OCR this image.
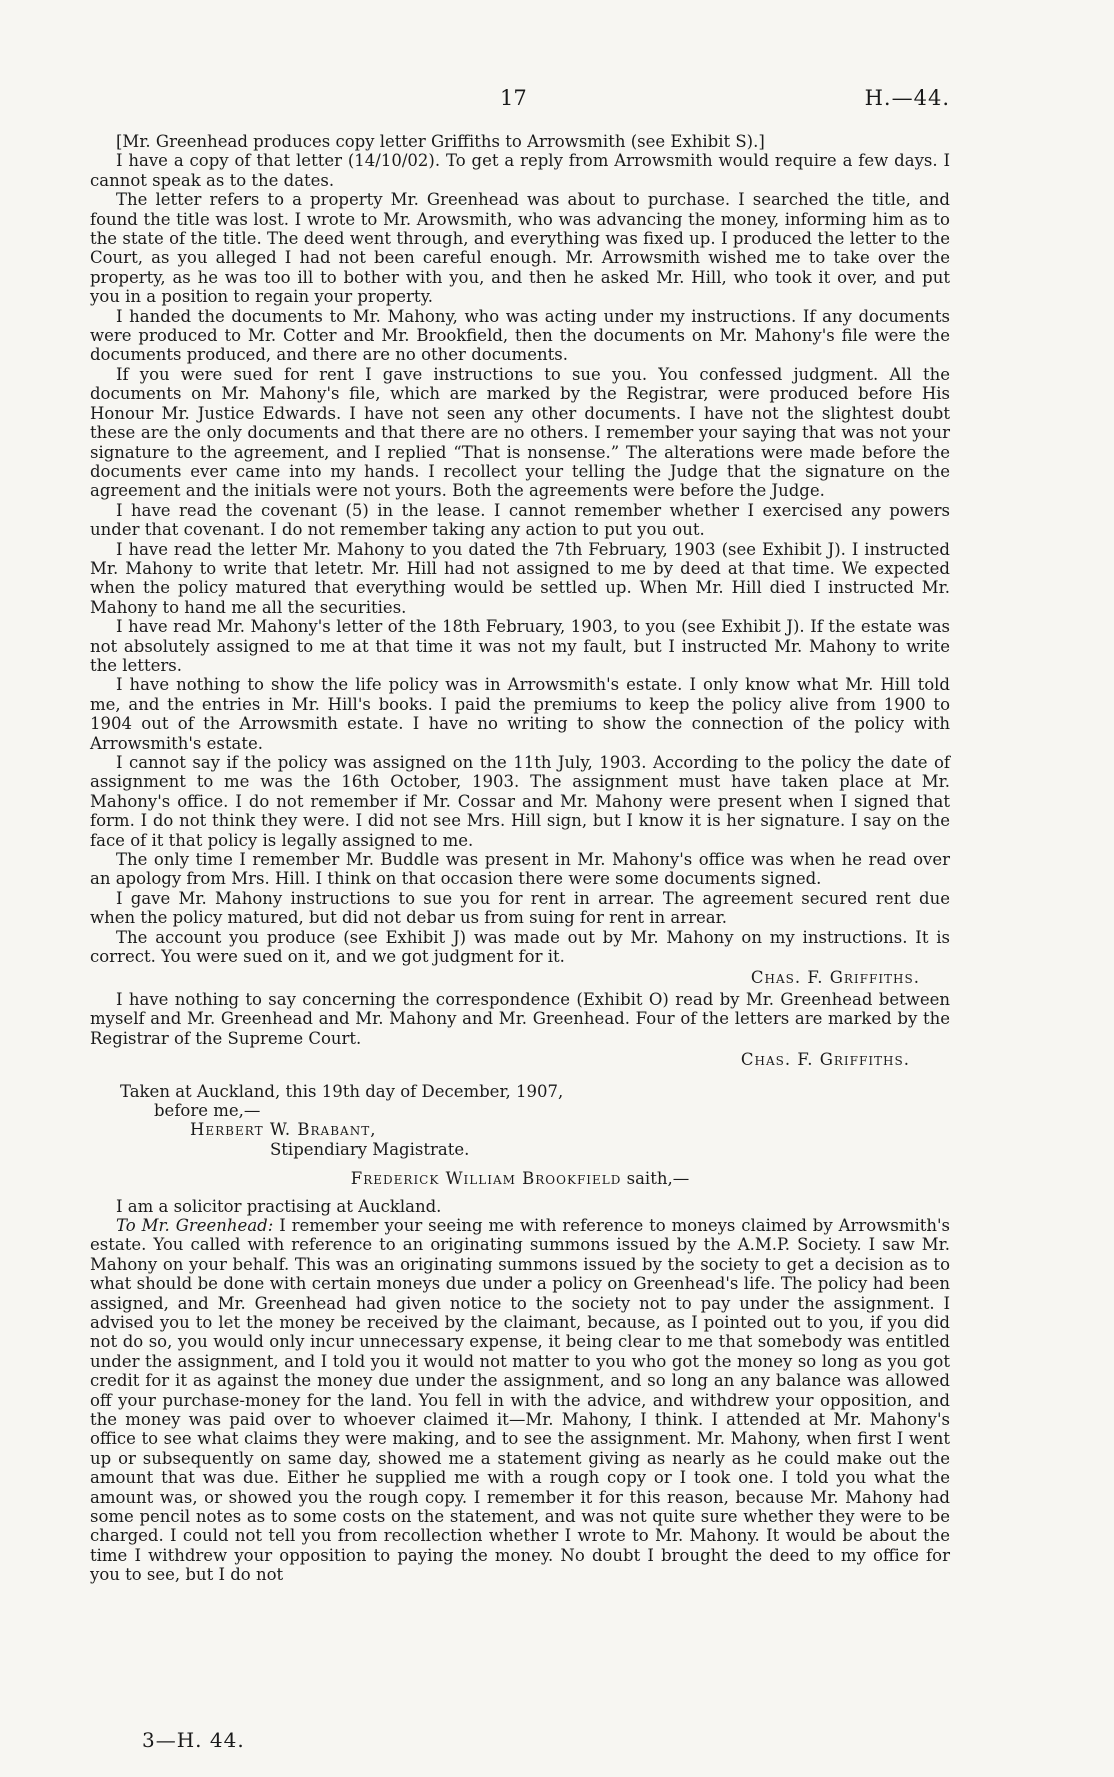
17	H.—44.

[Mr. Greenhead produces copy letter Griffiths to Arrowsmith (see Exhibit S).]

I have a copy of that letter (14/10/02). To get a reply from Arrowsmith would require a few days. I cannot speak as to the dates.

The letter refers to a property Mr. Greenhead was about to purchase. I searched the title, and found the title was lost. I wrote to Mr. Arowsmith, who was advancing the money, informing him as to the state of the title. The deed went through, and everything was fixed up. I produced the letter to the Court, as you alleged I had not been careful enough. Mr. Arrowsmith wished me to take over the property, as he was too ill to bother with you, and then he asked Mr. Hill, who took it over, and put you in a position to regain your property.

I handed the documents to Mr. Mahony, who was acting under my instructions. If any documents were produced to Mr. Cotter and Mr. Brookfield, then the documents on Mr. Mahony's file were the documents produced, and there are no other documents.

If you were sued for rent I gave instructions to sue you. You confessed judgment. All the documents on Mr. Mahony's file, which are marked by the Registrar, were produced before His Honour Mr. Justice Edwards. I have not seen any other documents. I have not the slightest doubt these are the only documents and that there are no others. I remember your saying that was not your signature to the agreement, and I replied “That is nonsense.” The alterations were made before the documents ever came into my hands. I recollect your telling the Judge that the signature on the agreement and the initials were not yours. Both the agreements were before the Judge.

I have read the covenant (5) in the lease. I cannot remember whether I exercised any powers under that covenant. I do not remember taking any action to put you out.

I have read the letter Mr. Mahony to you dated the 7th February, 1903 (see Exhibit J). I instructed Mr. Mahony to write that letetr. Mr. Hill had not assigned to me by deed at that time. We expected when the policy matured that everything would be settled up. When Mr. Hill died I instructed Mr. Mahony to hand me all the securities.

I have read Mr. Mahony's letter of the 18th February, 1903, to you (see Exhibit J). If the estate was not absolutely assigned to me at that time it was not my fault, but I instructed Mr. Mahony to write the letters.

I have nothing to show the life policy was in Arrowsmith's estate. I only know what Mr. Hill told me, and the entries in Mr. Hill's books. I paid the premiums to keep the policy alive from 1900 to 1904 out of the Arrowsmith estate. I have no writing to show the connection of the policy with Arrowsmith's estate.

I cannot say if the policy was assigned on the 11th July, 1903. According to the policy the date of assignment to me was the 16th October, 1903. The assignment must have taken place at Mr. Mahony's office. I do not remember if Mr. Cossar and Mr. Mahony were present when I signed that form. I do not think they were. I did not see Mrs. Hill sign, but I know it is her signature. I say on the face of it that policy is legally assigned to me.

The only time I remember Mr. Buddle was present in Mr. Mahony's office was when he read over an apology from Mrs. Hill. I think on that occasion there were some documents signed.

I gave Mr. Mahony instructions to sue you for rent in arrear. The agreement secured rent due when the policy matured, but did not debar us from suing for rent in arrear.

The account you produce (see Exhibit J) was made out by Mr. Mahony on my instructions. It is correct. You were sued on it, and we got judgment for it.

Chas. F. Griffiths.

I have nothing to say concerning the correspondence (Exhibit O) read by Mr. Greenhead between myself and Mr. Greenhead and Mr. Mahony and Mr. Greenhead. Four of the letters are marked by the Registrar of the Supreme Court.

Chas. F. Griffiths.

Taken at Auckland, this 19th day of December, 1907,

before me,—

Herbert W. Brabant,

Stipendiary Magistrate.

Frederick William Brookfield saith,—

I am a solicitor practising at Auckland.

To Mr. Greenhead: I remember your seeing me with reference to moneys claimed by Arrowsmith's estate. You called with reference to an originating summons issued by the A.M.P. Society. I saw Mr. Mahony on your behalf. This was an originating summons issued by the society to get a decision as to what should be done with certain moneys due under a policy on Greenhead's life. The policy had been assigned, and Mr. Greenhead had given notice to the society not to pay under the assignment. I advised you to let the money be received by the claimant, because, as I pointed out to you, if you did not do so, you would only incur unnecessary expense, it being clear to me that somebody was entitled under the assignment, and I told you it would not matter to you who got the money so long as you got credit for it as against the money due under the assignment, and so long an any balance was allowed off your purchase-money for the land. You fell in with the advice, and withdrew your opposition, and the money was paid over to whoever claimed it—Mr. Mahony, I think. I attended at Mr. Mahony's office to see what claims they were making, and to see the assignment. Mr. Mahony, when first I went up or subsequently on same day, showed me a statement giving as nearly as he could make out the amount that was due. Either he supplied me with a rough copy or I took one. I told you what the amount was, or showed you the rough copy. I remember it for this reason, because Mr. Mahony had some pencil notes as to some costs on the statement, and was not quite sure whether they were to be charged. I could not tell you from recollection whether I wrote to Mr. Mahony. It would be about the time I withdrew your opposition to paying the money. No doubt I brought the deed to my office for you to see, but I do not

3—H. 44.
